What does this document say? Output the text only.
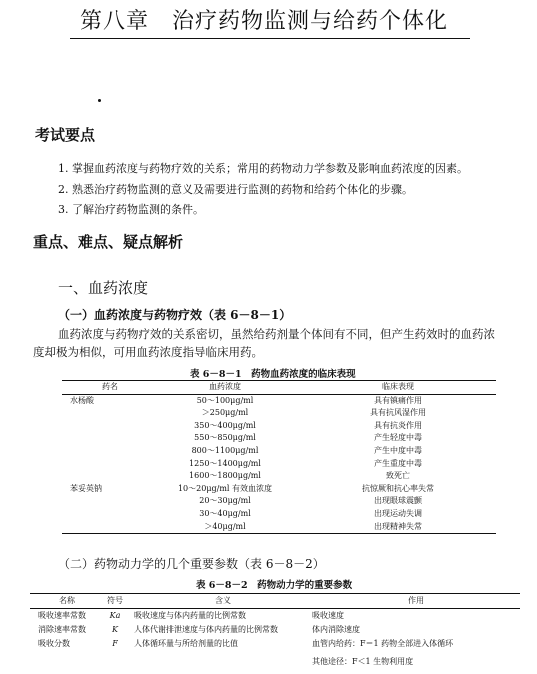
第八章　治疗药物监测与给药个体化
考试要点
1. 掌握血药浓度与药物疗效的关系；常用的药物动力学参数及影响血药浓度的因素。
2. 熟悉治疗药物监测的意义及需要进行监测的药物和给药个体化的步骤。
3. 了解治疗药物监测的条件。
重点、难点、疑点解析
一、血药浓度
（一）血药浓度与药物疗效（表 6－8－1）
血药浓度与药物疗效的关系密切，虽然给药剂量个体间有不同，但产生药效时的血药浓
度却极为相似，可用血药浓度指导临床用药。
表 6－8－1　药物血药浓度的临床表现
药名	血药浓度	临床表现
水杨酸	50～100μg/ml	具有镇痛作用
	＞250μg/ml	具有抗风湿作用
	350～400μg/ml	具有抗炎作用
	550～850μg/ml	产生轻度中毒
	800～1100μg/ml	产生中度中毒
	1250～1400μg/ml	产生重度中毒
	1600～1800μg/ml	致死亡
苯妥英钠	10～20μg/ml 有效血浓度	抗惊厥和抗心率失常
	20～30μg/ml	出现眼球震颤
	30～40μg/ml	出现运动失调
	＞40μg/ml	出现精神失常
（二）药物动力学的几个重要参数（表 6－8－2）
表 6－8－2　药物动力学的重要参数
名称	符号	含义	作用
吸收速率常数	Ka	吸收速度与体内药量的比例常数	吸收速度
消除速率常数	K	人体代谢排泄速度与体内药量的比例常数	体内消除速度
吸收分数	F	人体循环量与所给剂量的比值	血管内给药：F＝1 药物全部进入体循环
其他途径：F＜1 生物利用度
